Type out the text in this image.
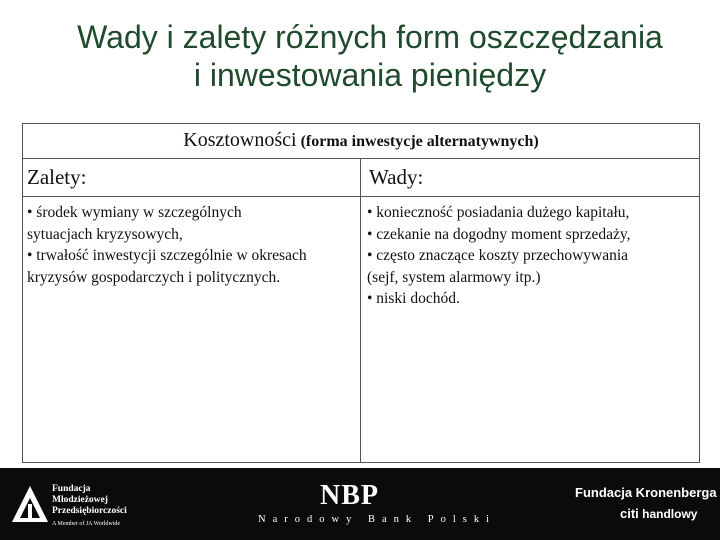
Wady i zalety różnych form oszczędzania
i inwestowania pieniędzy
Kosztowności (forma inwestycje alternatywnych)
Zalety:	Wady:
• środek wymiany w szczególnych
sytuacjach kryzysowych,
• trwałość inwestycji szczególnie w okresach
kryzysów gospodarczych i politycznych.
• konieczność posiadania dużego kapitału,
• czekanie na dogodny moment sprzedaży,
• często znaczące koszty przechowywania
(sejf, system alarmowy itp.)
• niski dochód.
Fundacja
Młodzieżowej
Przedsiębiorczości
A Member of JA Worldwide
NBP
Narodowy Bank Polski
Fundacja Kronenberga
citi handlowy
